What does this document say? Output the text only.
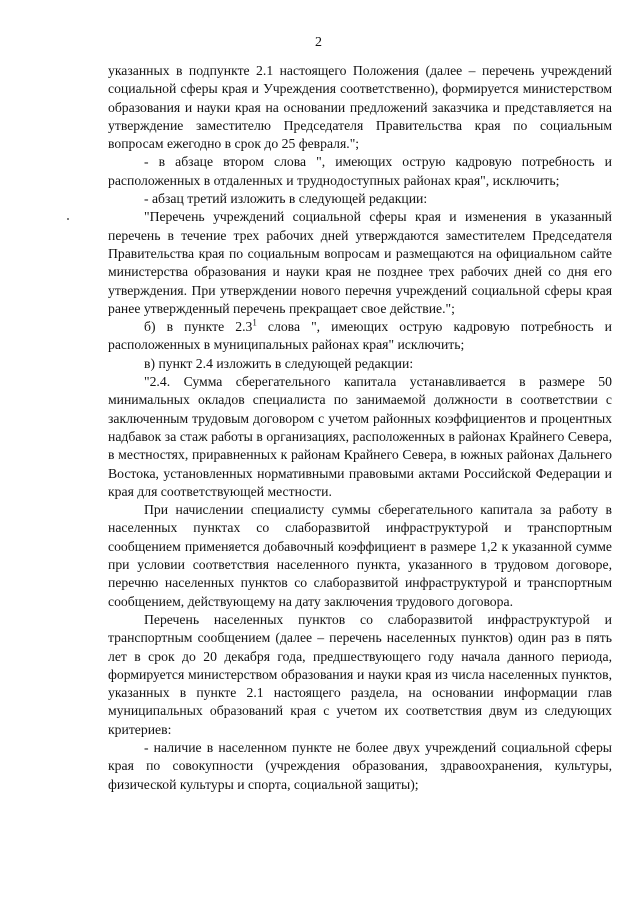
2

указанных в подпункте 2.1 настоящего Положения (далее – перечень учреждений социальной сферы края и Учреждения соответственно), формируется министерством образования и науки края на основании предложений заказчика и представляется на утверждение заместителю Председателя Правительства края по социальным вопросам ежегодно в срок до 25 февраля.";

- в абзаце втором слова ", имеющих острую кадровую потребность и расположенных в отдаленных и труднодоступных районах края", исключить;

- абзац третий изложить в следующей редакции:

"Перечень учреждений социальной сферы края и изменения в указанный перечень в течение трех рабочих дней утверждаются заместителем Председателя Правительства края по социальным вопросам и размещаются на официальном сайте министерства образования и науки края не позднее трех рабочих дней со дня его утверждения. При утверждении нового перечня учреждений социальной сферы края ранее утвержденный перечень прекращает свое действие.";

б) в пункте $2.3^1$ слова ", имеющих острую кадровую потребность и расположенных в муниципальных районах края" исключить;

в) пункт 2.4 изложить в следующей редакции:

"2.4. Сумма сберегательного капитала устанавливается в размере 50 минимальных окладов специалиста по занимаемой должности в соответствии с заключенным трудовым договором с учетом районных коэффициентов и процентных надбавок за стаж работы в организациях, расположенных в районах Крайнего Севера, в местностях, приравненных к районам Крайнего Севера, в южных районах Дальнего Востока, установленных нормативными правовыми актами Российской Федерации и края для соответствующей местности.

При начислении специалисту суммы сберегательного капитала за работу в населенных пунктах со слаборазвитой инфраструктурой и транспортным сообщением применяется добавочный коэффициент в размере 1,2 к указанной сумме при условии соответствия населенного пункта, указанного в трудовом договоре, перечню населенных пунктов со слаборазвитой инфраструктурой и транспортным сообщением, действующему на дату заключения трудового договора.

Перечень населенных пунктов со слаборазвитой инфраструктурой и транспортным сообщением (далее – перечень населенных пунктов) один раз в пять лет в срок до 20 декабря года, предшествующего году начала данного периода, формируется министерством образования и науки края из числа населенных пунктов, указанных в пункте 2.1 настоящего раздела, на основании информации глав муниципальных образований края с учетом их соответствия двум из следующих критериев:

- наличие в населенном пункте не более двух учреждений социальной сферы края по совокупности (учреждения образования, здравоохранения, культуры, физической культуры и спорта, социальной защиты);
